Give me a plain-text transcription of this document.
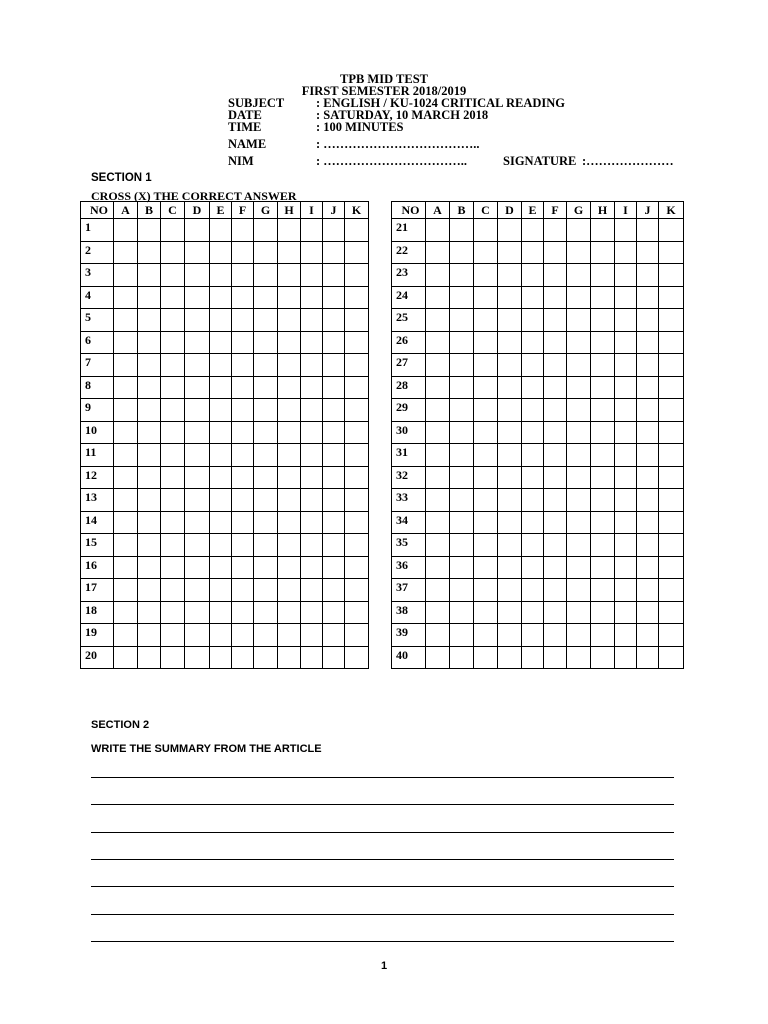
TPB MID TEST
FIRST SEMESTER 2018/2019
SUBJECT	: ENGLISH / KU-1024 CRITICAL READING
DATE	: SATURDAY, 10 MARCH 2018
TIME	: 100 MINUTES
NAME	: ………………………………..
NIM	: ……………………………..	SIGNATURE :…………………
SECTION 1
CROSS (X) THE CORRECT ANSWER
NO	A	B	C	D	E	F	G	H	I	J	K
1											
2											
3											
4											
5											
6											
7											
8											
9											
10											
11											
12											
13											
14											
15											
16											
17											
18											
19											
20											
NO	A	B	C	D	E	F	G	H	I	J	K
21											
22											
23											
24											
25											
26											
27											
28											
29											
30											
31											
32											
33											
34											
35											
36											
37											
38											
39											
40											
SECTION 2
WRITE THE SUMMARY FROM THE ARTICLE
1
